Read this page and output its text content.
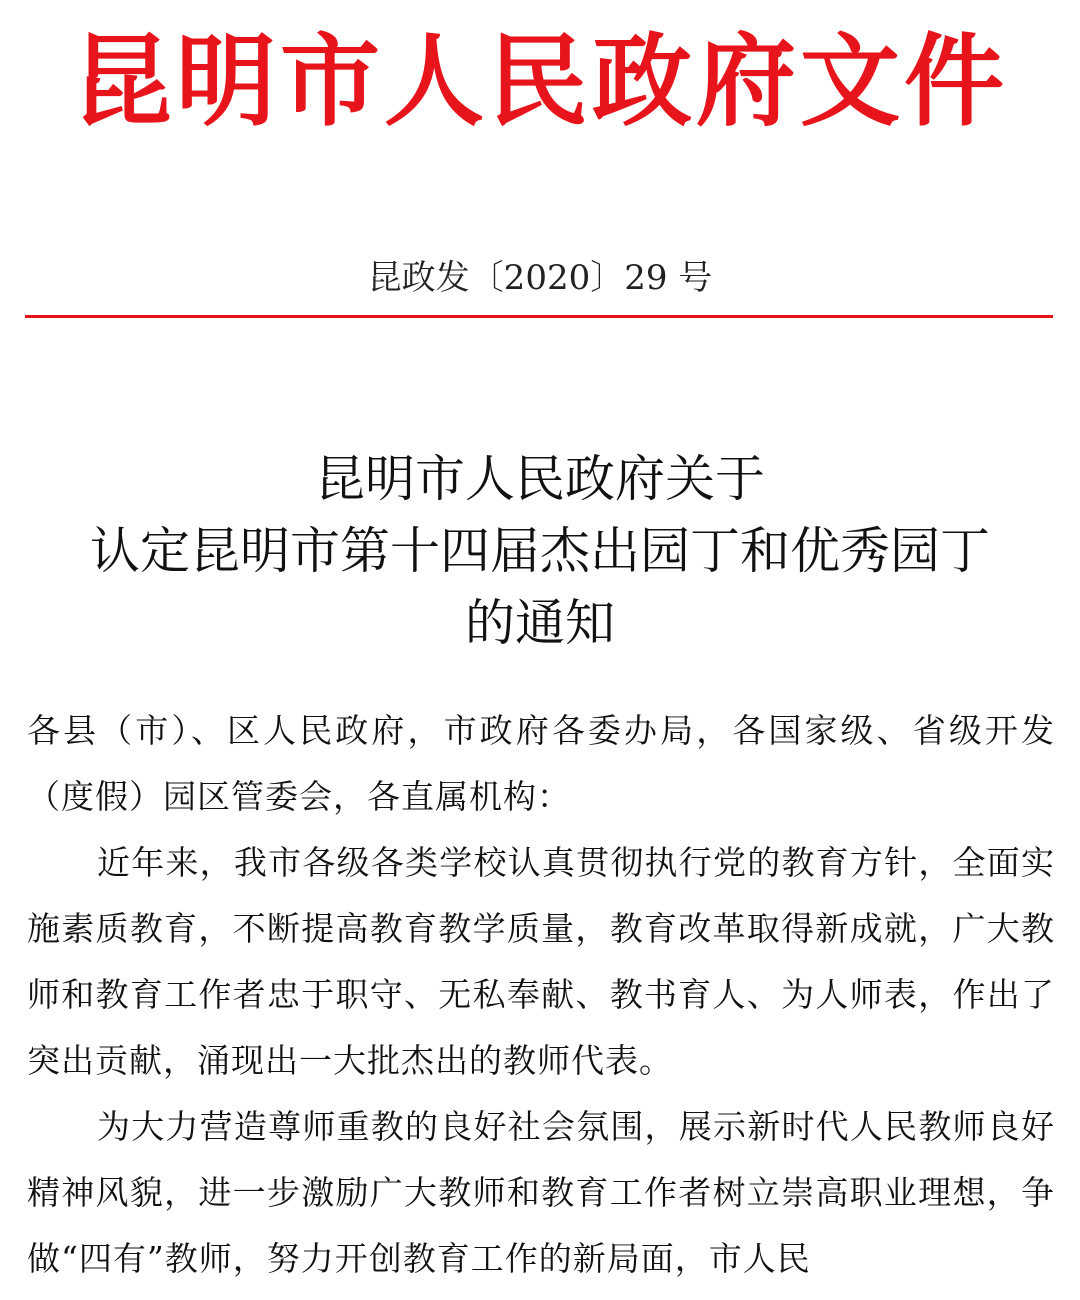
昆明市人民政府文件
昆政发〔2020〕29 号
昆明市人民政府关于
认定昆明市第十四届杰出园丁和优秀园丁
的通知

各县（市）、区人民政府，市政府各委办局，各国家级、省级开发（度假）园区管委会，各直属机构：

近年来，我市各级各类学校认真贯彻执行党的教育方针，全面实施素质教育，不断提高教育教学质量，教育改革取得新成就，广大教师和教育工作者忠于职守、无私奉献、教书育人、为人师表，作出了突出贡献，涌现出一大批杰出的教师代表。

为大力营造尊师重教的良好社会氛围，展示新时代人民教师良好精神风貌，进一步激励广大教师和教育工作者树立崇高职业理想，争做“四有”教师，努力开创教育工作的新局面，市人民
